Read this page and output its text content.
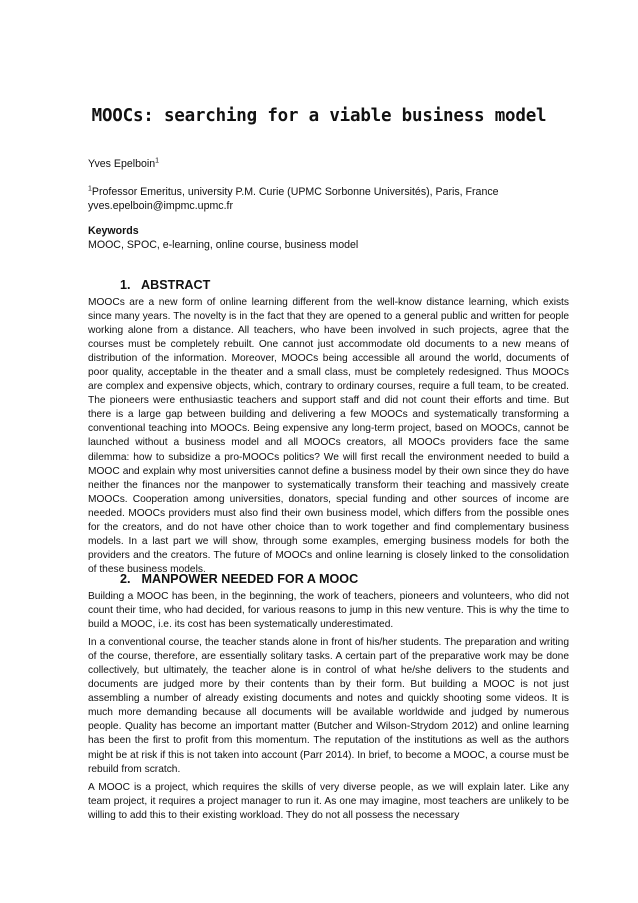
MOOCs: searching for a viable business model
Yves Epelboin$^1$
$^1$Professor Emeritus, university P.M. Curie (UPMC Sorbonne Universités), Paris, France
yves.epelboin@impmc.upmc.fr
Keywords
MOOC, SPOC, e-learning, online course, business model
1. ABSTRACT

MOOCs are a new form of online learning different from the well-know distance learning, which exists since many years. The novelty is in the fact that they are opened to a general public and written for people working alone from a distance. All teachers, who have been involved in such projects, agree that the courses must be completely rebuilt. One cannot just accommodate old documents to a new means of distribution of the information. Moreover, MOOCs being accessible all around the world, documents of poor quality, acceptable in the theater and a small class, must be completely redesigned. Thus MOOCs are complex and expensive objects, which, contrary to ordinary courses, require a full team, to be created. The pioneers were enthusiastic teachers and support staff and did not count their efforts and time. But there is a large gap between building and delivering a few MOOCs and systematically transforming a conventional teaching into MOOCs. Being expensive any long-term project, based on MOOCs, cannot be launched without a business model and all MOOCs creators, all MOOCs providers face the same dilemma: how to subsidize a pro-MOOCs politics? We will first recall the environment needed to build a MOOC and explain why most universities cannot define a business model by their own since they do have neither the finances nor the manpower to systematically transform their teaching and massively create MOOCs. Cooperation among universities, donators, special funding and other sources of income are needed. MOOCs providers must also find their own business model, which differs from the possible ones for the creators, and do not have other choice than to work together and find complementary business models. In a last part we will show, through some examples, emerging business models for both the providers and the creators. The future of MOOCs and online learning is closely linked to the consolidation of these business models.

2. MANPOWER NEEDED FOR A MOOC

Building a MOOC has been, in the beginning, the work of teachers, pioneers and volunteers, who did not count their time, who had decided, for various reasons to jump in this new venture. This is why the time to build a MOOC, i.e. its cost has been systematically underestimated.

In a conventional course, the teacher stands alone in front of his/her students. The preparation and writing of the course, therefore, are essentially solitary tasks. A certain part of the preparative work may be done collectively, but ultimately, the teacher alone is in control of what he/she delivers to the students and documents are judged more by their contents than by their form. But building a MOOC is not just assembling a number of already existing documents and notes and quickly shooting some videos. It is much more demanding because all documents will be available worldwide and judged by numerous people. Quality has become an important matter (Butcher and Wilson-Strydom 2012) and online learning has been the first to profit from this momentum. The reputation of the institutions as well as the authors might be at risk if this is not taken into account (Parr 2014). In brief, to become a MOOC, a course must be rebuild from scratch.

A MOOC is a project, which requires the skills of very diverse people, as we will explain later. Like any team project, it requires a project manager to run it. As one may imagine, most teachers are unlikely to be willing to add this to their existing workload. They do not all possess the necessary
